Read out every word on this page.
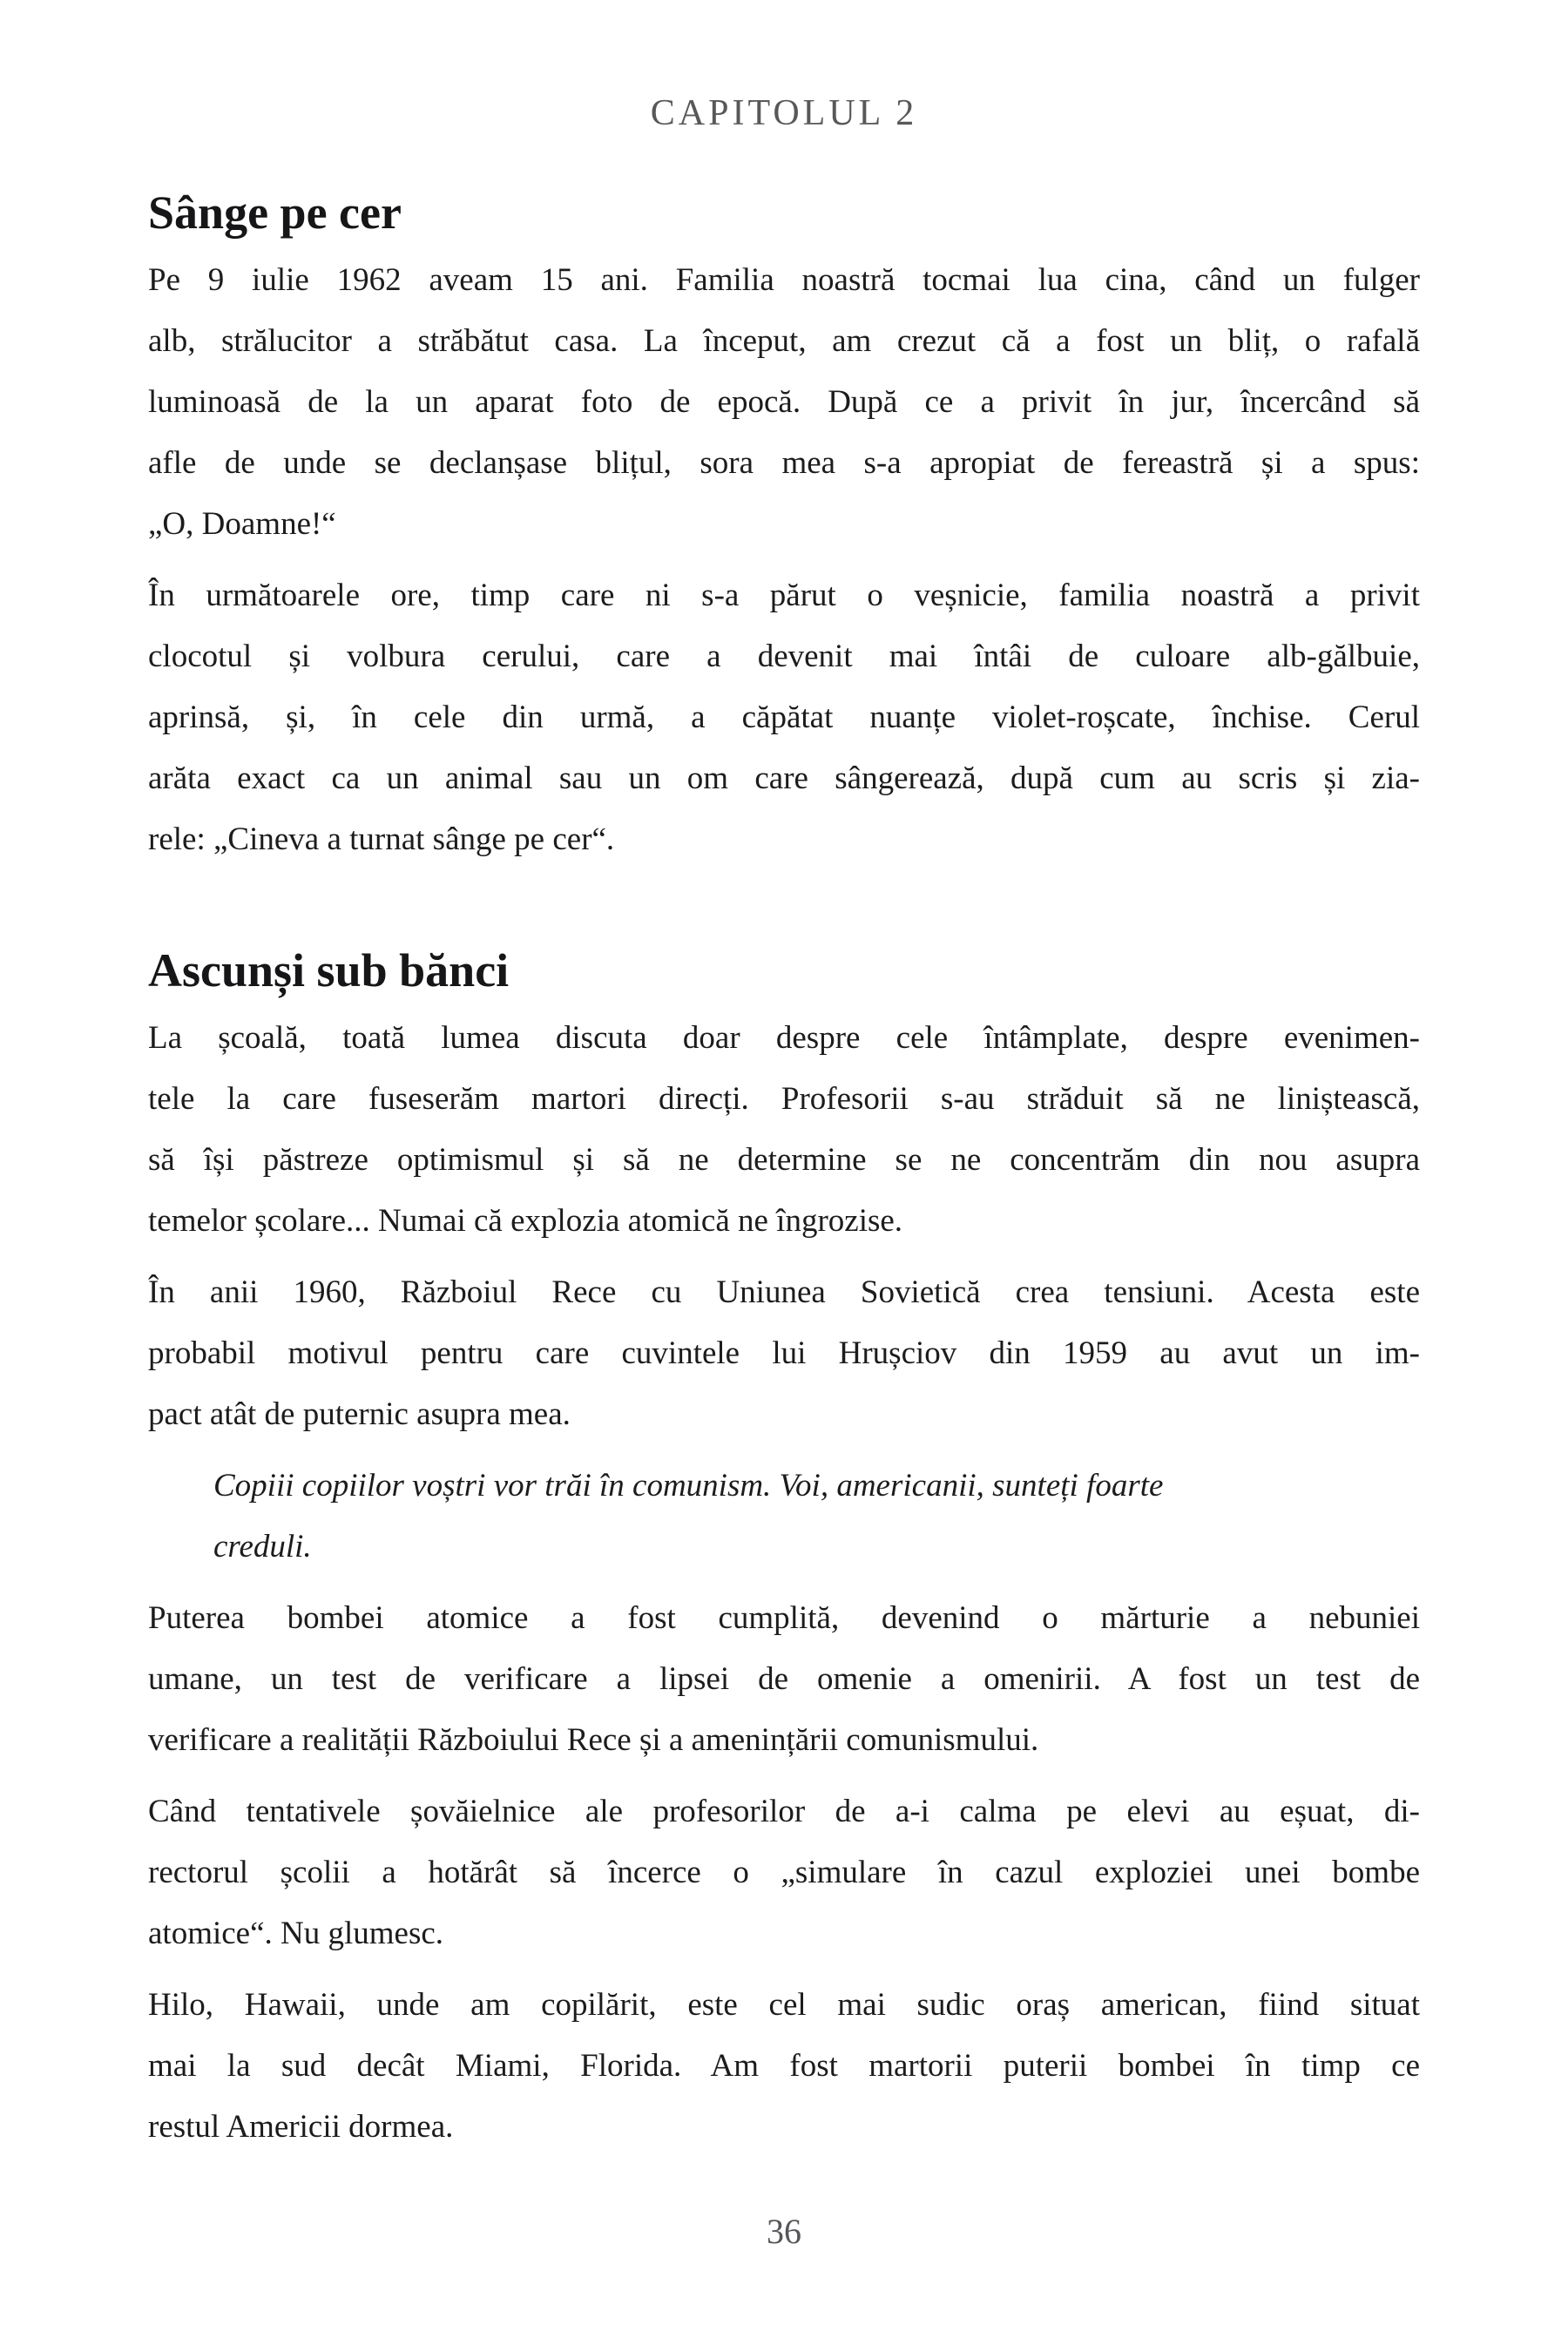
CAPITOLUL 2
Sânge pe cer
Pe 9 iulie 1962 aveam 15 ani. Familia noastră tocmai lua cina, când un fulger
alb, strălucitor a străbătut casa. La început, am crezut că a fost un bliț, o rafală
luminoasă de la un aparat foto de epocă. După ce a privit în jur, încercând să
afle de unde se declanșase blițul, sora mea s-a apropiat de fereastră și a spus:
„O, Doamne!“
În următoarele ore, timp care ni s-a părut o veșnicie, familia noastră a privit
clocotul și volbura cerului, care a devenit mai întâi de culoare alb-gălbuie,
aprinsă, și, în cele din urmă, a căpătat nuanțe violet-roșcate, închise. Cerul
arăta exact ca un animal sau un om care sângerează, după cum au scris și zia-
rele: „Cineva a turnat sânge pe cer“.
Ascunși sub bănci
La școală, toată lumea discuta doar despre cele întâmplate, despre evenimen-
tele la care fuseserăm martori direcți. Profesorii s-au străduit să ne liniștească,
să își păstreze optimismul și să ne determine se ne concentrăm din nou asupra
temelor școlare... Numai că explozia atomică ne îngrozise.
În anii 1960, Războiul Rece cu Uniunea Sovietică crea tensiuni. Acesta este
probabil motivul pentru care cuvintele lui Hrușciov din 1959 au avut un im-
pact atât de puternic asupra mea.
Copiii copiilor voștri vor trăi în comunism. Voi, americanii, sunteți foarte
creduli.
Puterea bombei atomice a fost cumplită, devenind o mărturie a nebuniei
umane, un test de verificare a lipsei de omenie a omenirii. A fost un test de
verificare a realității Războiului Rece și a amenințării comunismului.
Când tentativele șovăielnice ale profesorilor de a-i calma pe elevi au eșuat, di-
rectorul școlii a hotărât să încerce o „simulare în cazul exploziei unei bombe
atomice“. Nu glumesc.
Hilo, Hawaii, unde am copilărit, este cel mai sudic oraș american, fiind situat
mai la sud decât Miami, Florida. Am fost martorii puterii bombei în timp ce
restul Americii dormea.
36
